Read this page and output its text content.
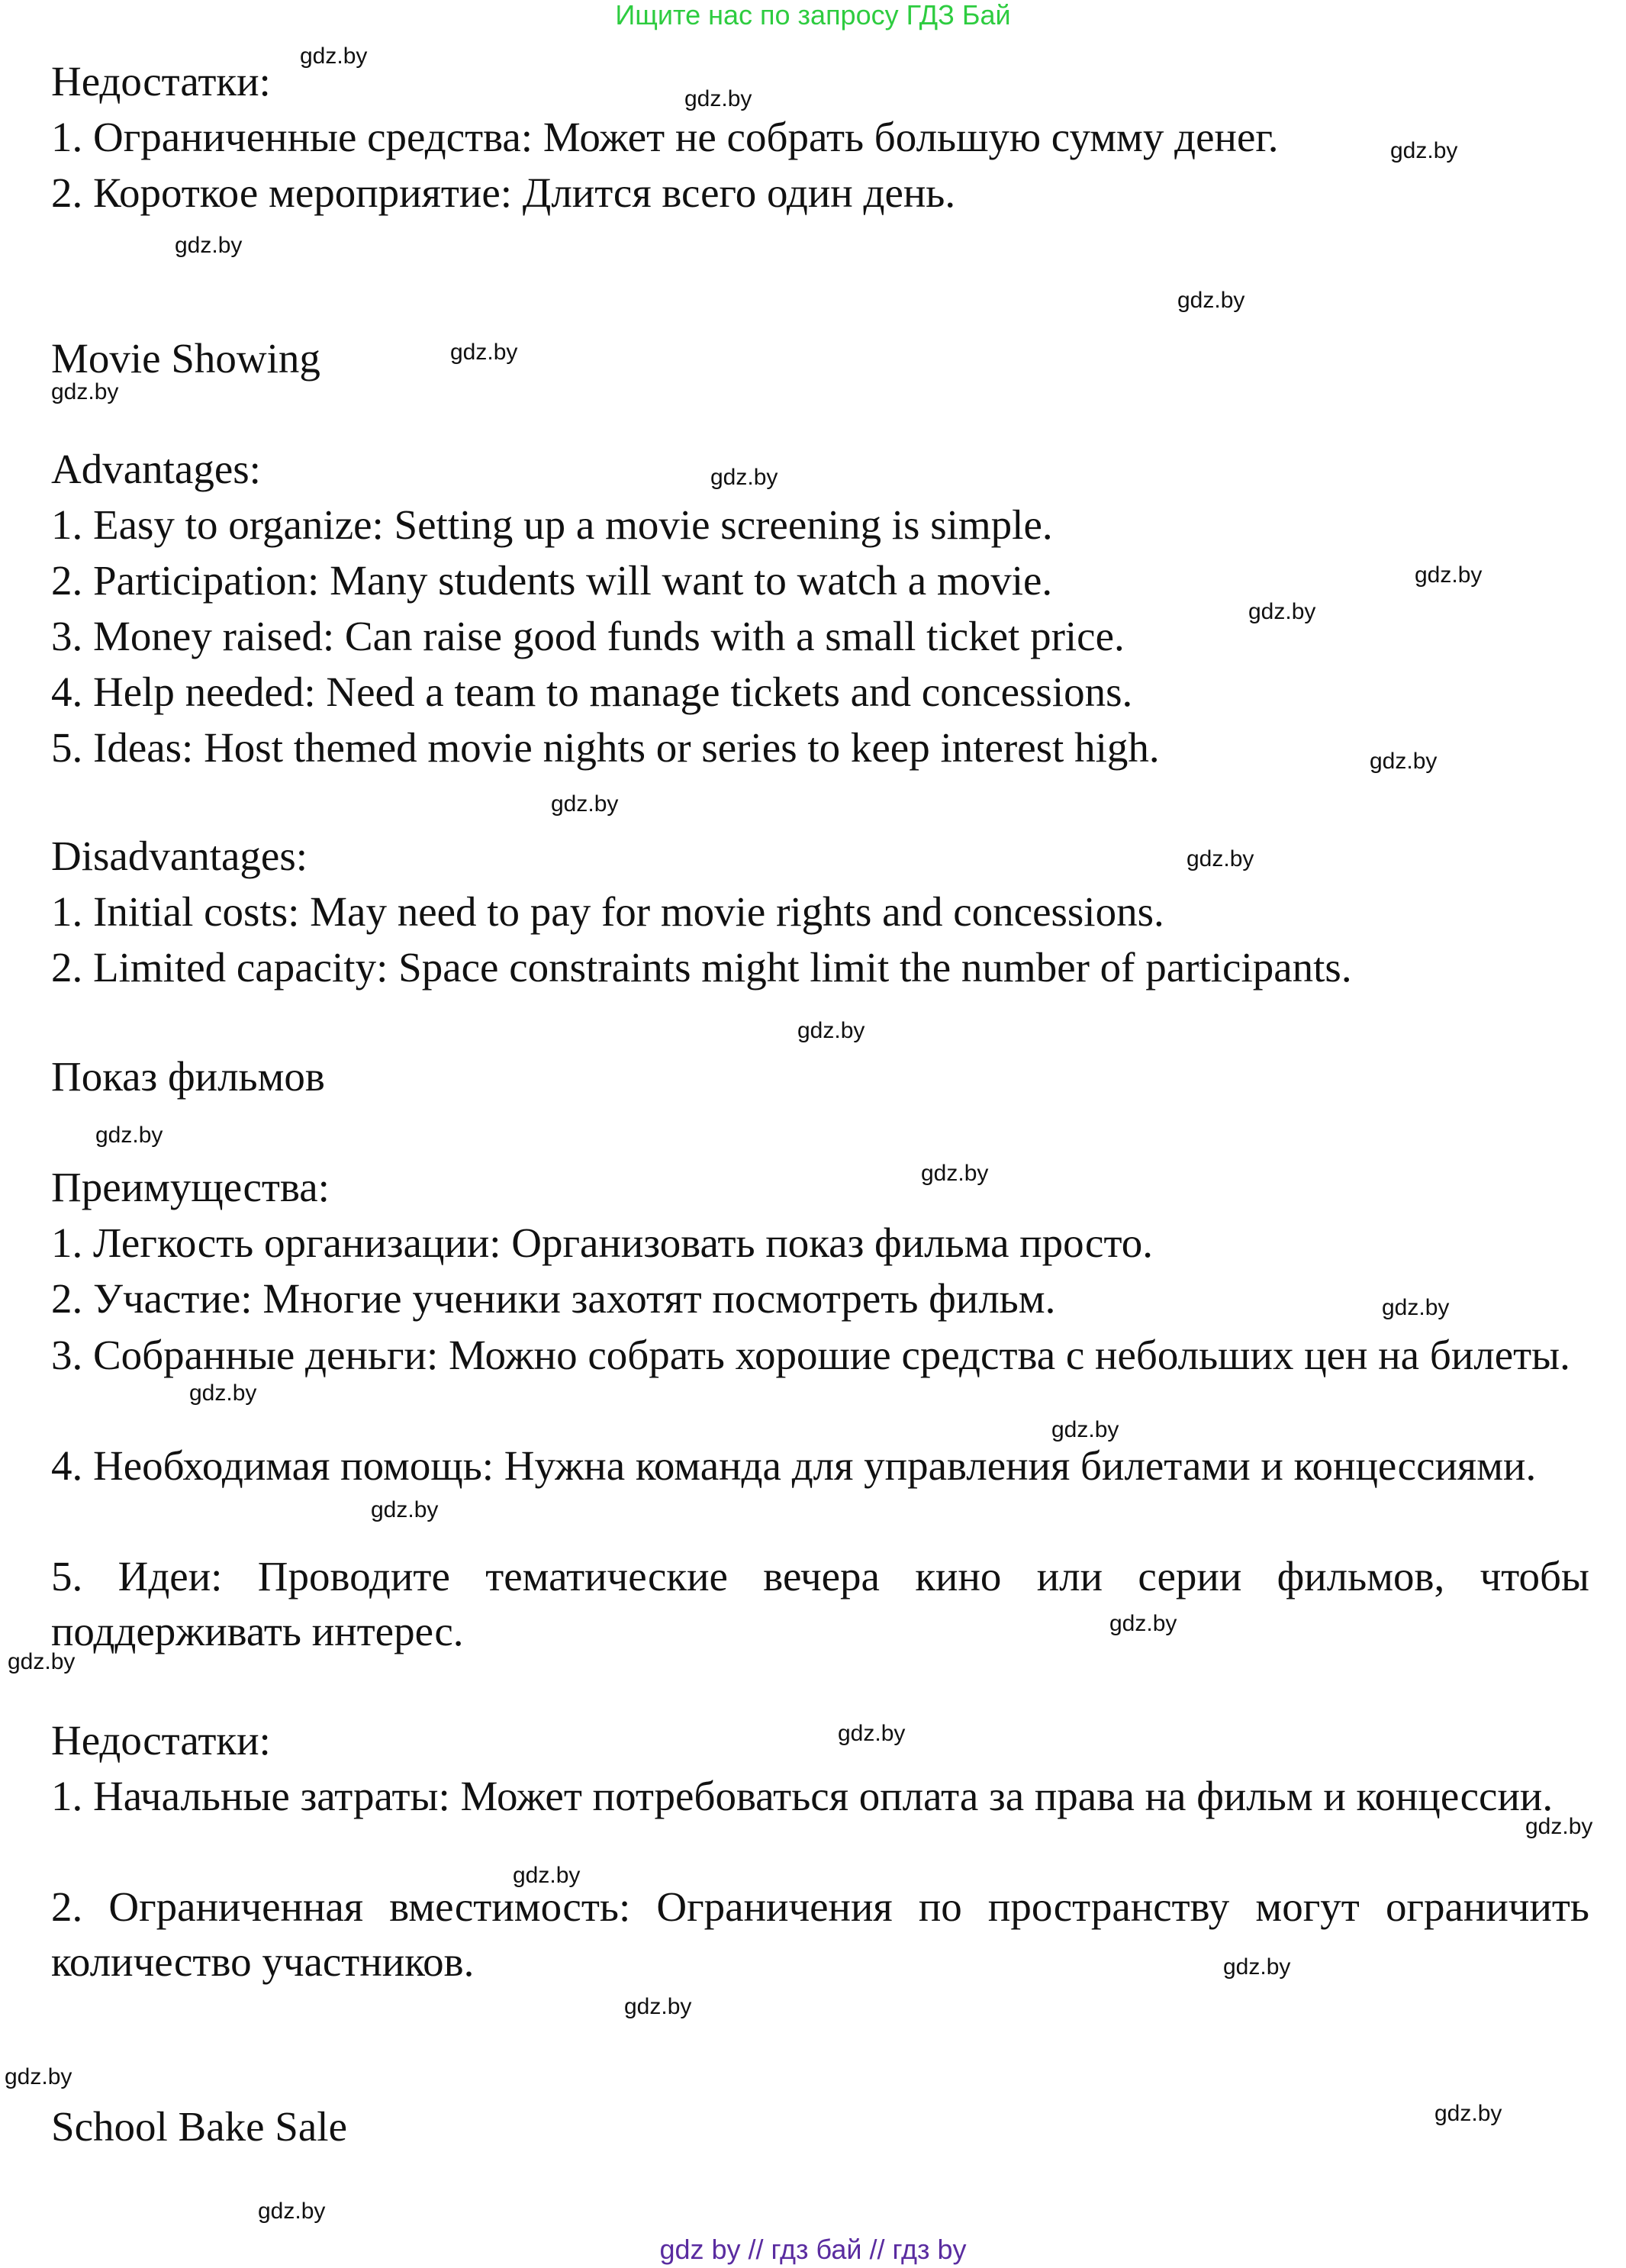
Ищите нас по запросу ГДЗ Бай
Недостатки:
1. Ограниченные средства: Может не собрать большую сумму денег.
2. Короткое мероприятие: Длится всего один день.
Movie Showing
Advantages:
1. Easy to organize: Setting up a movie screening is simple.
2. Participation: Many students will want to watch a movie.
3. Money raised: Can raise good funds with a small ticket price.
4. Help needed: Need a team to manage tickets and concessions.
5. Ideas: Host themed movie nights or series to keep interest high.
Disadvantages:
1. Initial costs: May need to pay for movie rights and concessions.
2. Limited capacity: Space constraints might limit the number of participants.
Показ фильмов
Преимущества:
1. Легкость организации: Организовать показ фильма просто.
2. Участие: Многие ученики захотят посмотреть фильм.
3. Собранные деньги: Можно собрать хорошие средства с небольших цен на билеты.
4. Необходимая помощь: Нужна команда для управления билетами и концессиями.
5. Идеи: Проводите тематические вечера кино или серии фильмов, чтобы поддерживать интерес.
Недостатки:
1. Начальные затраты: Может потребоваться оплата за права на фильм и концессии.
2. Ограниченная вместимость: Ограничения по пространству могут ограничить количество участников.
School Bake Sale
gdz.by
gdz.by
gdz.by
gdz.by
gdz.by
gdz.by
gdz.by
gdz.by
gdz.by
gdz.by
gdz.by
gdz.by
gdz.by
gdz.by
gdz.by
gdz.by
gdz.by
gdz.by
gdz.by
gdz.by
gdz.by
gdz.by
gdz.by
gdz.by
gdz.by
gdz.by
gdz.by
gdz.by
gdz.by
gdz.by
gdz by // гдз бай // гдз by
